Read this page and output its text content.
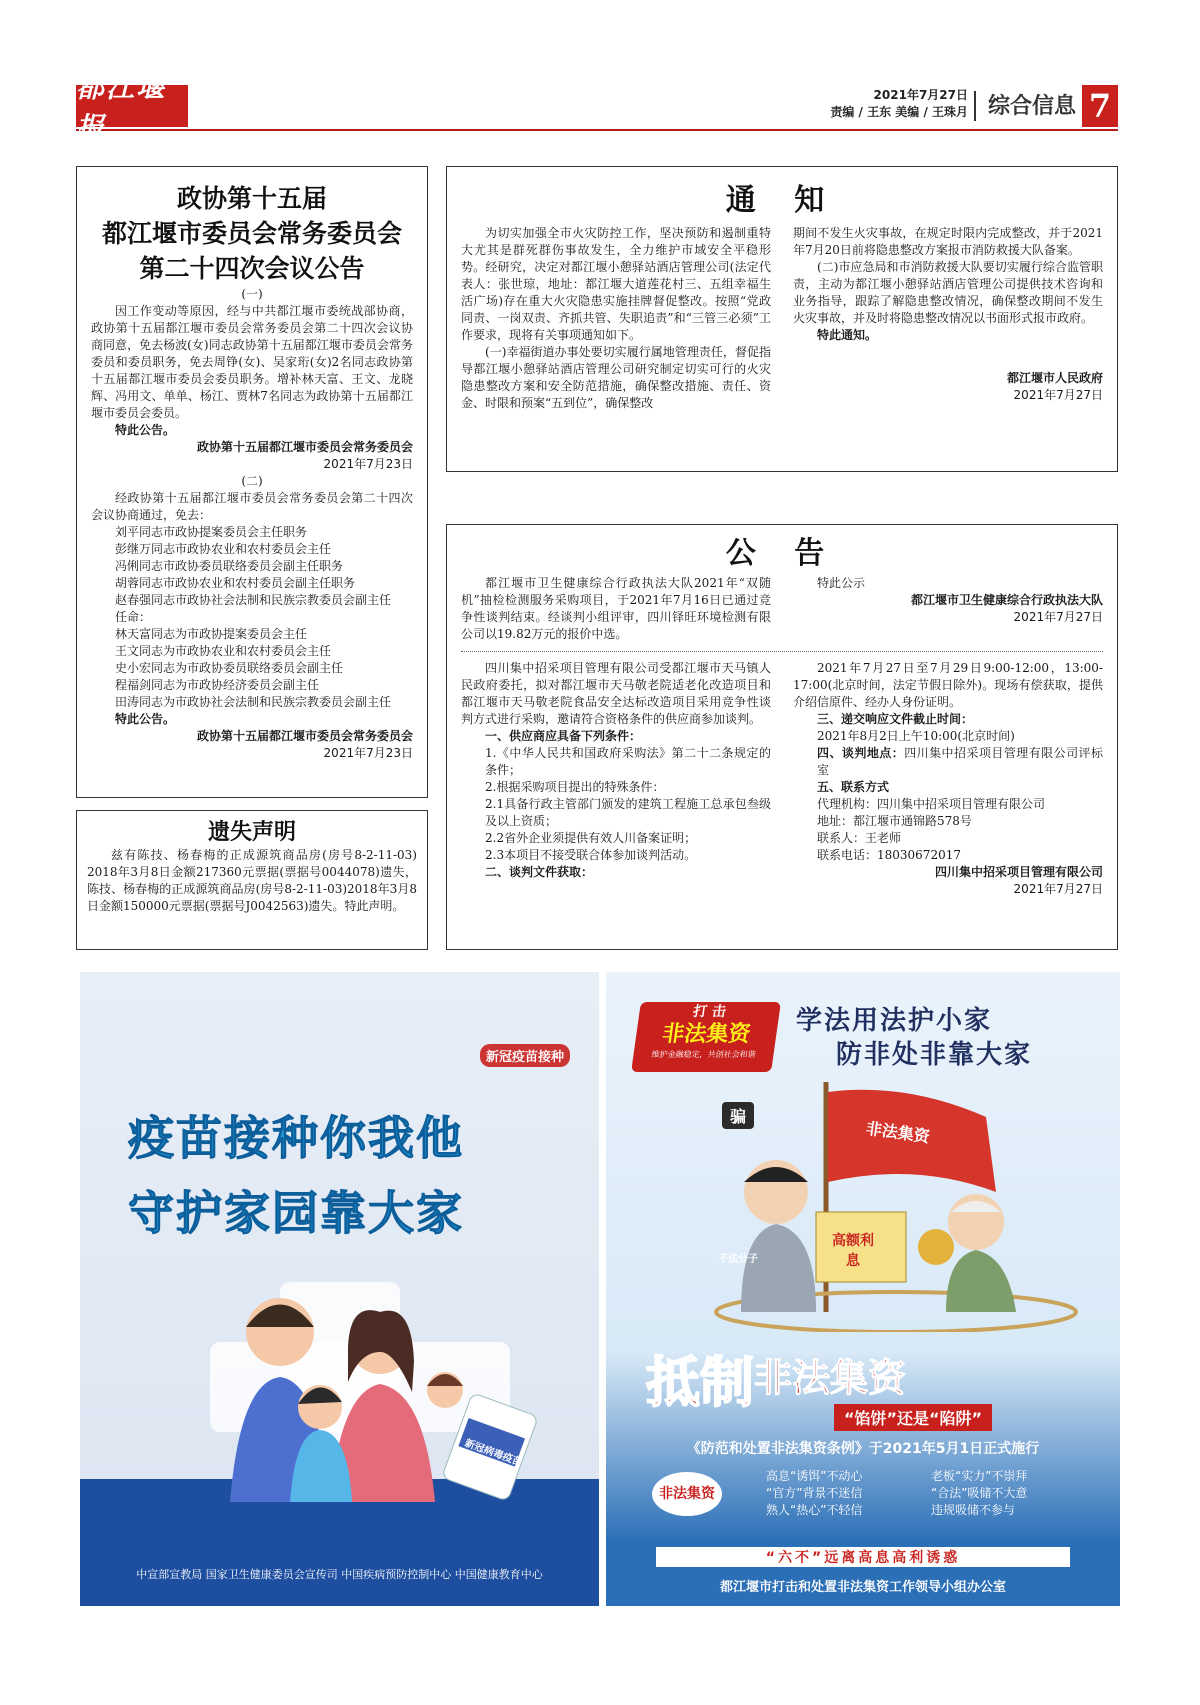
都江堰报
2021年7月27日
责编 / 王东 美编 / 王珠月 综合信息 7
政协第十五届
都江堰市委员会常务委员会
第二十四次会议公告
(一)

因工作变动等原因，经与中共都江堰市委统战部协商，政协第十五届都江堰市委员会常务委员会第二十四次会议协商同意，免去杨波(女)同志政协第十五届都江堰市委员会常务委员和委员职务，免去周铮(女)、吴家珩(女)2名同志政协第十五届都江堰市委员会委员职务。增补林天富、王文、龙晓辉、冯用文、单单、杨江、贾林7名同志为政协第十五届都江堰市委员会委员。

特此公告。
政协第十五届都江堰市委员会常务委员会
2021年7月23日
(二)

经政协第十五届都江堰市委员会常务委员会第二十四次会议协商通过，免去：

刘平同志市政协提案委员会主任职务
彭继万同志市政协农业和农村委员会主任
冯俐同志市政协委员联络委员会副主任职务
胡蓉同志市政协农业和农村委员会副主任职务
赵春强同志市政协社会法制和民族宗教委员会副主任
任命：
林天富同志为市政协提案委员会主任
王文同志为市政协农业和农村委员会主任
史小宏同志为市政协委员联络委员会副主任
程福剑同志为市政协经济委员会副主任
田涛同志为市政协社会法制和民族宗教委员会副主任
特此公告。
政协第十五届都江堰市委员会常务委员会
2021年7月23日
遗失声明

兹有陈技、杨春梅的正成源筑商品房(房号8-2-11-03) 2018年3月8日金额217360元票据(票据号0044078)遗失，陈技、杨春梅的正成源筑商品房(房号8-2-11-03)2018年3月8日金额150000元票据(票据号J0042563)遗失。特此声明。

通 知

为切实加强全市火灾防控工作，坚决预防和遏制重特大尤其是群死群伤事故发生，全力维护市域安全平稳形势。经研究，决定对都江堰小憩驿站酒店管理公司(法定代表人：张世琼，地址：都江堰大道莲花村三、五组幸福生活广场)存在重大火灾隐患实施挂牌督促整改。按照“党政同责、一岗双责、齐抓共管、失职追责”和“三管三必须”工作要求，现将有关事项通知如下。

(一)幸福街道办事处要切实履行属地管理责任，督促指导都江堰小憩驿站酒店管理公司研究制定切实可行的火灾隐患整改方案和安全防范措施，确保整改措施、责任、资金、时限和预案“五到位”，确保整改

期间不发生火灾事故，在规定时限内完成整改，并于2021年7月20日前将隐患整改方案报市消防救援大队备案。

(二)市应急局和市消防救援大队要切实履行综合监管职责，主动为都江堰小憩驿站酒店管理公司提供技术咨询和业务指导，跟踪了解隐患整改情况，确保整改期间不发生火灾事故，并及时将隐患整改情况以书面形式报市政府。

特此通知。
都江堰市人民政府
2021年7月27日
公 告

都江堰市卫生健康综合行政执法大队2021年“双随机”抽检检测服务采购项目，于2021年7月16日已通过竞争性谈判结束。经谈判小组评审，四川铎旺环境检测有限公司以19.82万元的报价中选。

特此公示
都江堰市卫生健康综合行政执法大队
2021年7月27日

四川集中招采项目管理有限公司受都江堰市天马镇人民政府委托，拟对都江堰市天马敬老院适老化改造项目和都江堰市天马敬老院食品安全达标改造项目采用竞争性谈判方式进行采购，邀请符合资格条件的供应商参加谈判。

一、供应商应具备下列条件：
1.《中华人民共和国政府采购法》第二十二条规定的条件；
2.根据采购项目提出的特殊条件：
2.1具备行政主管部门颁发的建筑工程施工总承包叁级及以上资质；
2.2省外企业须提供有效人川备案证明；
2.3本项目不接受联合体参加谈判活动。
二、谈判文件获取：

2021年7月27日至7月29日9:00-12:00，13:00-17:00(北京时间，法定节假日除外)。现场有偿获取，提供介绍信原件、经办人身份证明。

三、递交响应文件截止时间：
2021年8月2日上午10:00(北京时间)
四、谈判地点：四川集中招采项目管理有限公司评标室
五、联系方式
代理机构：四川集中招采项目管理有限公司
地址：都江堰市通锦路578号
联系人：王老师
联系电话：18030672017
四川集中招采项目管理有限公司
2021年7月27日
新冠疫苗接种
疫苗接种你我他
守护家园靠大家
新冠病毒疫苗
中宣部宣教局 国家卫生健康委员会宣传司 中国疾病预防控制中心 中国健康教育中心
打 击
非法集资
维护金融稳定，共创社会和谐
学法用法护小家
防非处非靠大家
骗
非法集资
高额利息
不法分子
抵制非法集资
“馅饼”还是“陷阱”
《防范和处置非法集资条例》于2021年5月1日正式施行
非法集资
高息“诱饵”不动心	老板“实力”不崇拜
“官方”背景不迷信	“合法”吸储不大意
熟人“热心”不轻信	违规吸储不参与
“六不”远离高息高利诱惑
都江堰市打击和处置非法集资工作领导小组办公室
